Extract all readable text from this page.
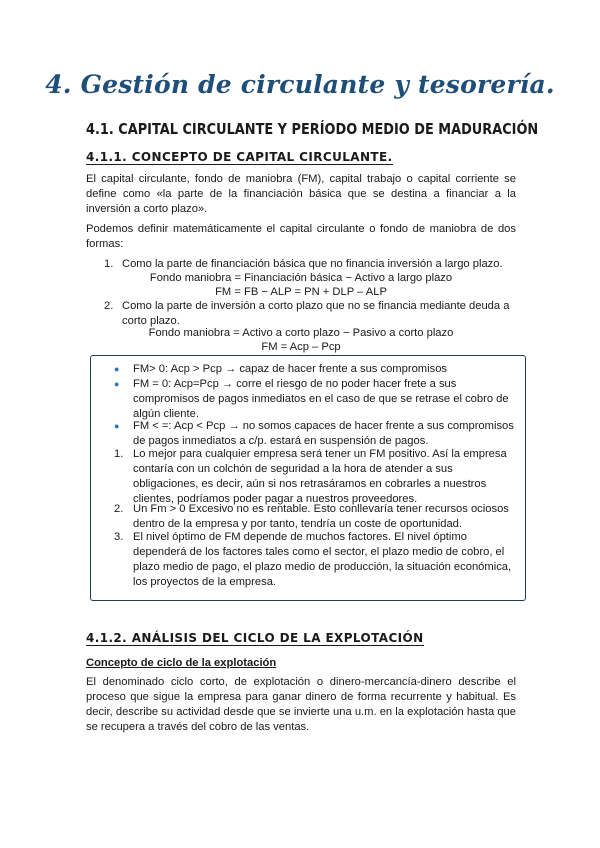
4. Gestión de circulante y tesorería.
4.1. CAPITAL CIRCULANTE Y PERÍODO MEDIO DE MADURACIÓN
4.1.1. CONCEPTO DE CAPITAL CIRCULANTE.
El capital circulante, fondo de maniobra (FM), capital trabajo o capital corriente se define como «la parte de la financiación básica que se destina a financiar a la inversión a corto plazo».
Podemos definir matemáticamente el capital circulante o fondo de maniobra de dos formas:
1. Como la parte de financiación básica que no financia inversión a largo plazo.
Fondo maniobra = Financiación básica − Activo a largo plazo
FM = FB − ALP = PN + DLP – ALP
2. Como la parte de inversión a corto plazo que no se financia mediante deuda a corto plazo.
Fondo maniobra = Activo a corto plazo − Pasivo a corto plazo
FM = Acp – Pcp
● FM> 0: Acp > Pcp → capaz de hacer frente a sus compromisos
● FM = 0: Acp=Pcp → corre el riesgo de no poder hacer frete a sus compromisos de pagos inmediatos en el caso de que se retrase el cobro de algún cliente.
● FM < =: Acp < Pcp → no somos capaces de hacer frente a sus compromisos de pagos inmediatos a c/p. estará en suspensión de pagos.
1. Lo mejor para cualquier empresa será tener un FM positivo. Así la empresa contaría con un colchón de seguridad a la hora de atender a sus obligaciones, es decir, aún si nos retrasáramos en cobrarles a nuestros clientes, podríamos poder pagar a nuestros proveedores.
2. Un Fm > 0 Excesivo no es rentable. Esto conllevaría tener recursos ociosos dentro de la empresa y por tanto, tendría un coste de oportunidad.
3. El nivel óptimo de FM depende de muchos factores. El nivel óptimo dependerá de los factores tales como el sector, el plazo medio de cobro, el plazo medio de pago, el plazo medio de producción, la situación económica, los proyectos de la empresa.
4.1.2. ANÁLISIS DEL CICLO DE LA EXPLOTACIÓN
Concepto de ciclo de la explotación
El denominado ciclo corto, de explotación o dinero-mercancía-dinero describe el proceso que sigue la empresa para ganar dinero de forma recurrente y habitual. Es decir, describe su actividad desde que se invierte una u.m. en la explotación hasta que se recupera a través del cobro de las ventas.
